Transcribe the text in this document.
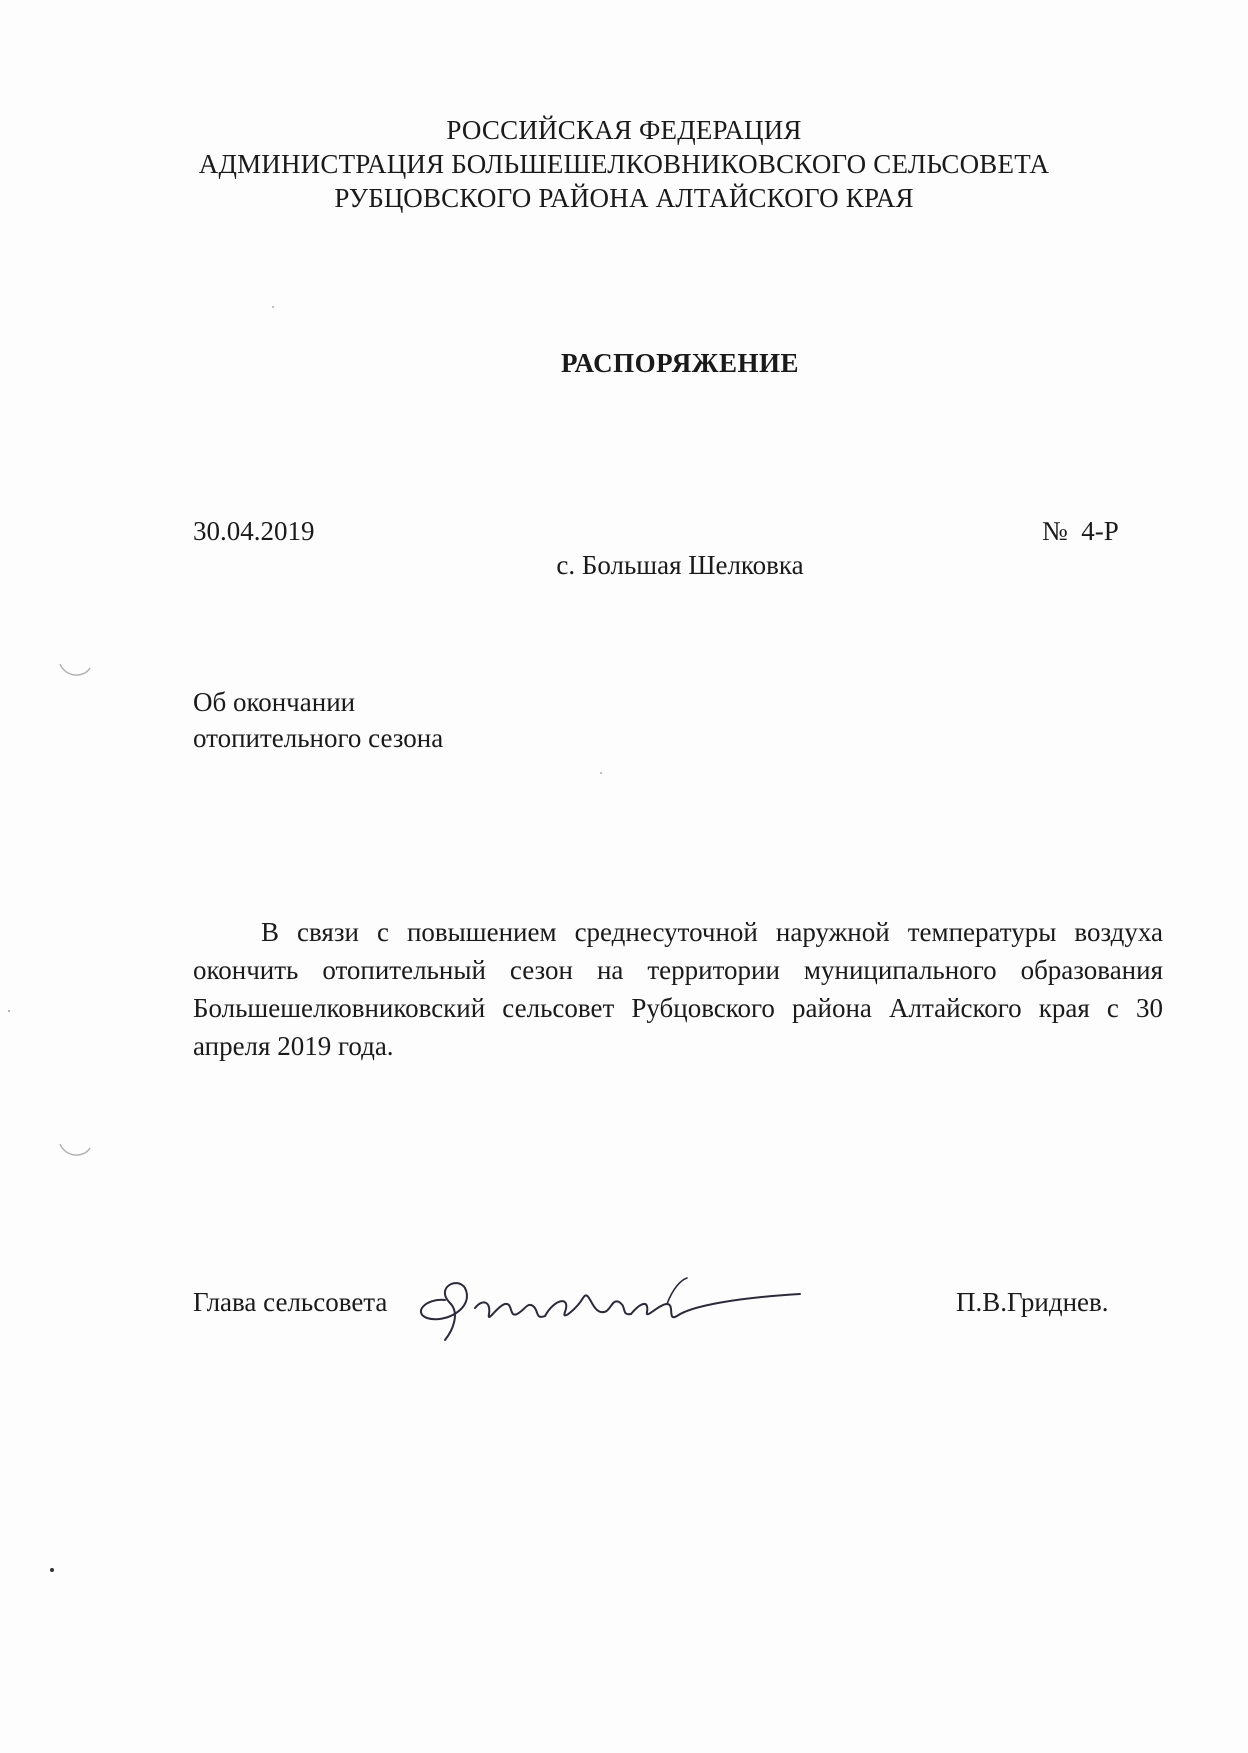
РОССИЙСКАЯ ФЕДЕРАЦИЯ
АДМИНИСТРАЦИЯ БОЛЬШЕШЕЛКОВНИКОВСКОГО СЕЛЬСОВЕТА
РУБЦОВСКОГО РАЙОНА АЛТАЙСКОГО КРАЯ
РАСПОРЯЖЕНИЕ
30.04.2019	№  4-Р
с. Большая Шелковка
Об окончании
отопительного сезона
В связи с повышением среднесуточной наружной температуры воздуха окончить отопительный сезон на территории муниципального образования Большешелковниковский сельсовет Рубцовского района Алтайского края с 30 апреля 2019 года.
Глава сельсовета	П.В.Гриднев.
